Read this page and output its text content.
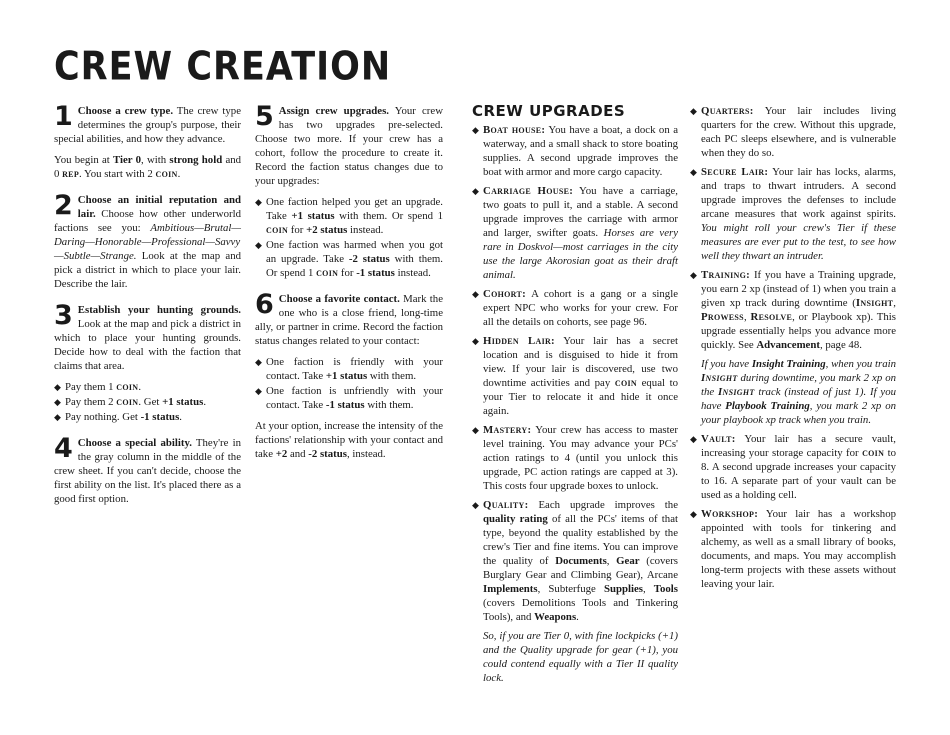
CREW CREATION

1 Choose a crew type. The crew type determines the group's purpose, their special abilities, and how they advance.

You begin at Tier 0, with strong hold and 0 rep. You start with 2 coin.

2 Choose an initial reputation and lair. Choose how other underworld factions see you: Ambitious—Brutal—Daring—Honorable—Professional—Savvy—Subtle—Strange. Look at the map and pick a district in which to place your lair. Describe the lair.

3 Establish your hunting grounds. Look at the map and pick a district in which to place your hunting grounds. Decide how to deal with the faction that claims that area.

◆ Pay them 1 coin.
◆ Pay them 2 coin. Get +1 status.
◆ Pay nothing. Get -1 status.

4 Choose a special ability. They're in the gray column in the middle of the crew sheet. If you can't decide, choose the first ability on the list. It's placed there as a good first option.

5 Assign crew upgrades. Your crew has two upgrades pre-selected. Choose two more. If your crew has a cohort, follow the procedure to create it. Record the faction status changes due to your upgrades:

◆ One faction helped you get an upgrade. Take +1 status with them. Or spend 1 coin for +2 status instead.
◆ One faction was harmed when you got an upgrade. Take -2 status with them. Or spend 1 coin for -1 status instead.

6 Choose a favorite contact. Mark the one who is a close friend, long-time ally, or partner in crime. Record the faction status changes related to your contact:

◆ One faction is friendly with your contact. Take +1 status with them.
◆ One faction is unfriendly with your contact. Take -1 status with them.

At your option, increase the intensity of the factions' relationship with your contact and take +2 and -2 status, instead.

CREW UPGRADES
◆ Boat house: You have a boat, a dock on a waterway, and a small shack to store boating supplies. A second upgrade improves the boat with armor and more cargo capacity.
◆ Carriage House: You have a carriage, two goats to pull it, and a stable. A second upgrade improves the carriage with armor and larger, swifter goats. Horses are very rare in Doskvol—most carriages in the city use the large Akorosian goat as their draft animal.
◆ Cohort: A cohort is a gang or a single expert NPC who works for your crew. For all the details on cohorts, see page 96.
◆ Hidden Lair: Your lair has a secret location and is disguised to hide it from view. If your lair is discovered, use two downtime activities and pay coin equal to your Tier to relocate it and hide it once again.
◆ Mastery: Your crew has access to master level training. You may advance your PCs' action ratings to 4 (until you unlock this upgrade, PC action ratings are capped at 3). This costs four upgrade boxes to unlock.
◆ Quality: Each upgrade improves the quality rating of all the PCs' items of that type, beyond the quality established by the crew's Tier and fine items. You can improve the quality of Documents, Gear (covers Burglary Gear and Climbing Gear), Arcane Implements, Subterfuge Supplies, Tools (covers Demolitions Tools and Tinkering Tools), and Weapons.

So, if you are Tier 0, with fine lockpicks (+1) and the Quality upgrade for gear (+1), you could contend equally with a Tier II quality lock.

◆ Quarters: Your lair includes living quarters for the crew. Without this upgrade, each PC sleeps elsewhere, and is vulnerable when they do so.
◆ Secure Lair: Your lair has locks, alarms, and traps to thwart intruders. A second upgrade improves the defenses to include arcane measures that work against spirits. You might roll your crew's Tier if these measures are ever put to the test, to see how well they thwart an intruder.
◆ Training: If you have a Training upgrade, you earn 2 xp (instead of 1) when you train a given xp track during downtime (Insight, Prowess, Resolve, or Playbook xp). This upgrade essentially helps you advance more quickly. See Advancement, page 48.

If you have Insight Training, when you train Insight during downtime, you mark 2 xp on the Insight track (instead of just 1). If you have Playbook Training, you mark 2 xp on your playbook xp track when you train.

◆ Vault: Your lair has a secure vault, increasing your storage capacity for coin to 8. A second upgrade increases your capacity to 16. A separate part of your vault can be used as a holding cell.
◆ Workshop: Your lair has a workshop appointed with tools for tinkering and alchemy, as well as a small library of books, documents, and maps. You may accomplish long-term projects with these assets without leaving your lair.
